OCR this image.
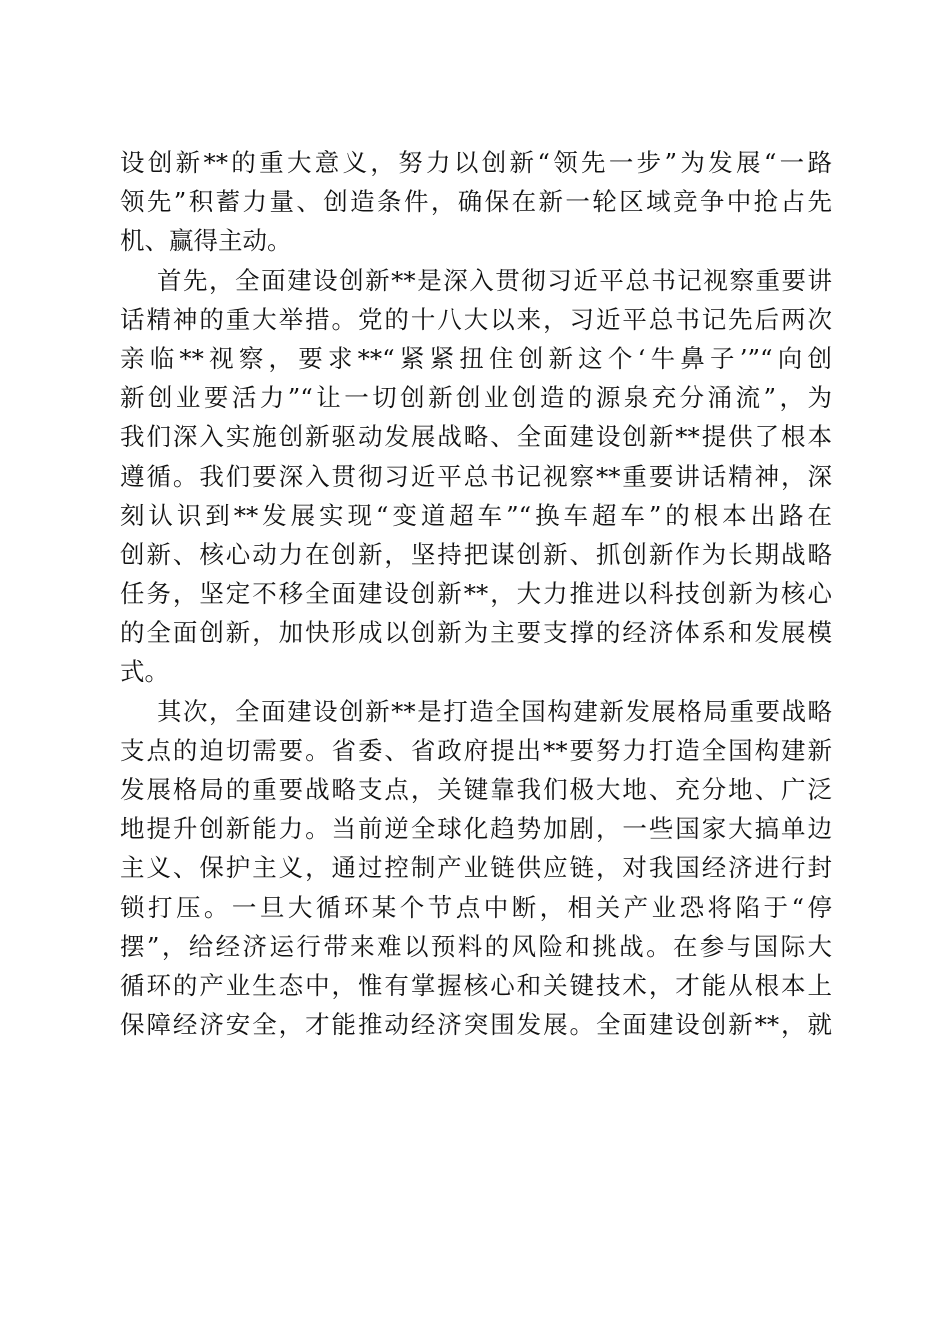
设创新**的重大意义，努力以创新“领先一步”为发展“一路
领先”积蓄力量、创造条件，确保在新一轮区域竞争中抢占先
机、赢得主动。
首先，全面建设创新**是深入贯彻习近平总书记视察重要讲
话精神的重大举措。党的十八大以来，习近平总书记先后两次
亲临**视察，要求**“紧紧扭住创新这个‘牛鼻子’”“向创
新创业要活力”“让一切创新创业创造的源泉充分涌流”，为
我们深入实施创新驱动发展战略、全面建设创新**提供了根本
遵循。我们要深入贯彻习近平总书记视察**重要讲话精神，深
刻认识到**发展实现“变道超车”“换车超车”的根本出路在
创新、核心动力在创新，坚持把谋创新、抓创新作为长期战略
任务，坚定不移全面建设创新**，大力推进以科技创新为核心
的全面创新，加快形成以创新为主要支撑的经济体系和发展模
式。
其次，全面建设创新**是打造全国构建新发展格局重要战略
支点的迫切需要。省委、省政府提出**要努力打造全国构建新
发展格局的重要战略支点，关键靠我们极大地、充分地、广泛
地提升创新能力。当前逆全球化趋势加剧，一些国家大搞单边
主义、保护主义，通过控制产业链供应链，对我国经济进行封
锁打压。一旦大循环某个节点中断，相关产业恐将陷于“停
摆”，给经济运行带来难以预料的风险和挑战。在参与国际大
循环的产业生态中，惟有掌握核心和关键技术，才能从根本上
保障经济安全，才能推动经济突围发展。全面建设创新**，就
